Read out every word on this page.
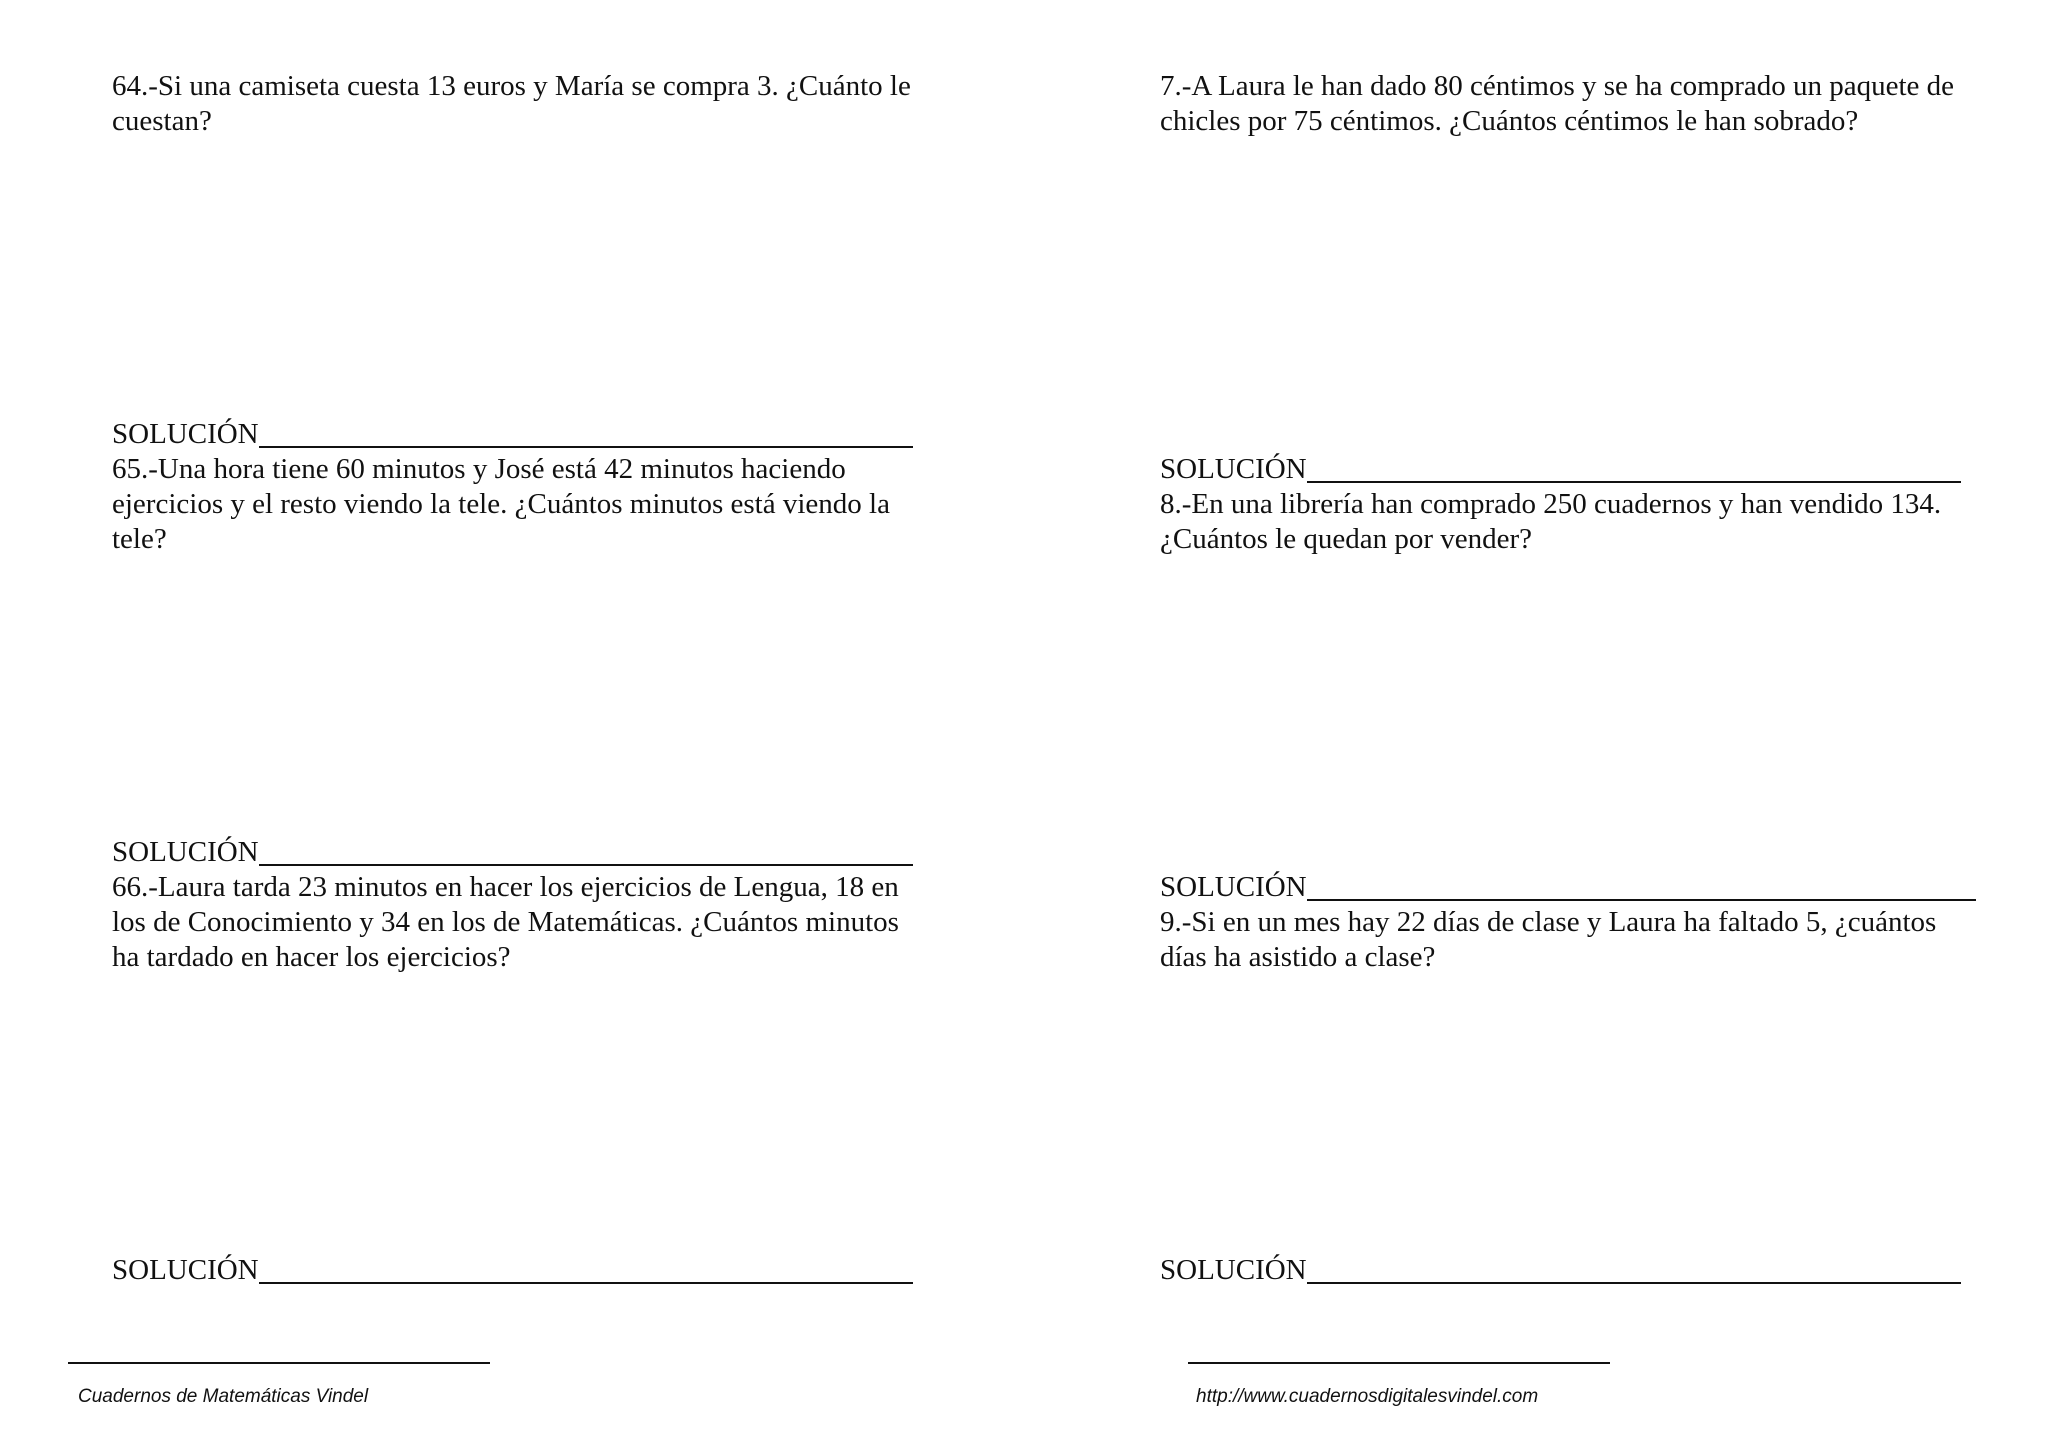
64.-Si una camiseta cuesta 13 euros y María se compra 3. ¿Cuánto le cuestan?

SOLUCIÓN

65.-Una hora tiene 60 minutos y José está 42 minutos haciendo ejercicios y el resto viendo la tele. ¿Cuántos minutos está viendo la tele?

SOLUCIÓN

66.-Laura tarda 23 minutos en hacer los ejercicios de Lengua, 18 en los de Conocimiento y 34 en los de Matemáticas. ¿Cuántos minutos ha tardado en hacer los ejercicios?

SOLUCIÓN

7.-A Laura le han dado 80 céntimos y se ha comprado un paquete de chicles por 75 céntimos. ¿Cuántos céntimos le han sobrado?

SOLUCIÓN

8.-En una librería han comprado 250 cuadernos y han vendido 134. ¿Cuántos le quedan por vender?

SOLUCIÓN

9.-Si en un mes hay 22 días de clase y Laura ha faltado 5, ¿cuántos días ha asistido a clase?

SOLUCIÓN
Cuadernos de Matemáticas Vindel	http://www.cuadernosdigitalesvindel.com
